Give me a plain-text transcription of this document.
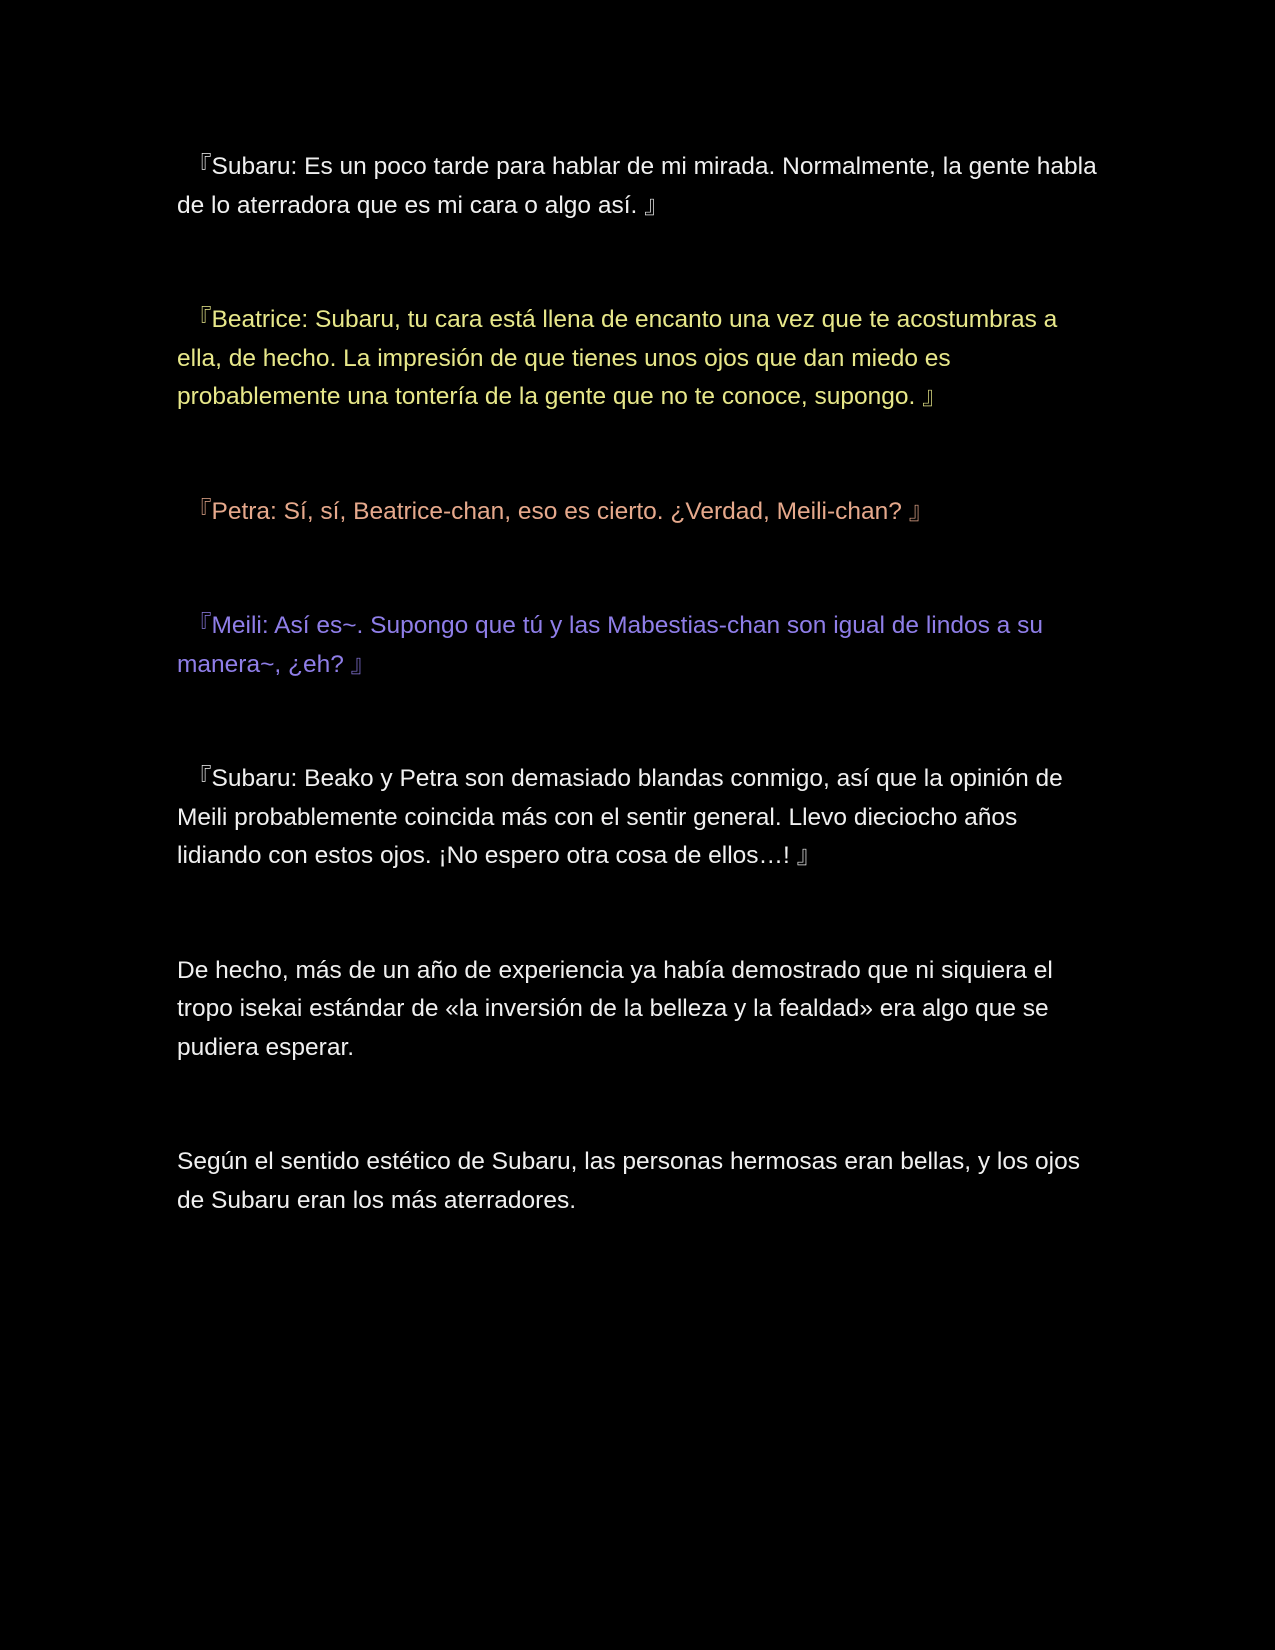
『Subaru: Es un poco tarde para hablar de mi mirada. Normalmente, la gente habla de lo aterradora que es mi cara o algo así. 』

『Beatrice: Subaru, tu cara está llena de encanto una vez que te acostumbras a ella, de hecho. La impresión de que tienes unos ojos que dan miedo es probablemente una tontería de la gente que no te conoce, supongo. 』

『Petra: Sí, sí, Beatrice-chan, eso es cierto. ¿Verdad, Meili-chan? 』

『Meili: Así es~. Supongo que tú y las Mabestias-chan son igual de lindos a su manera~, ¿eh? 』

『Subaru: Beako y Petra son demasiado blandas conmigo, así que la opinión de Meili probablemente coincida más con el sentir general. Llevo dieciocho años lidiando con estos ojos. ¡No espero otra cosa de ellos…! 』

De hecho, más de un año de experiencia ya había demostrado que ni siquiera el tropo isekai estándar de «la inversión de la belleza y la fealdad» era algo que se pudiera esperar.

Según el sentido estético de Subaru, las personas hermosas eran bellas, y los ojos de Subaru eran los más aterradores.
